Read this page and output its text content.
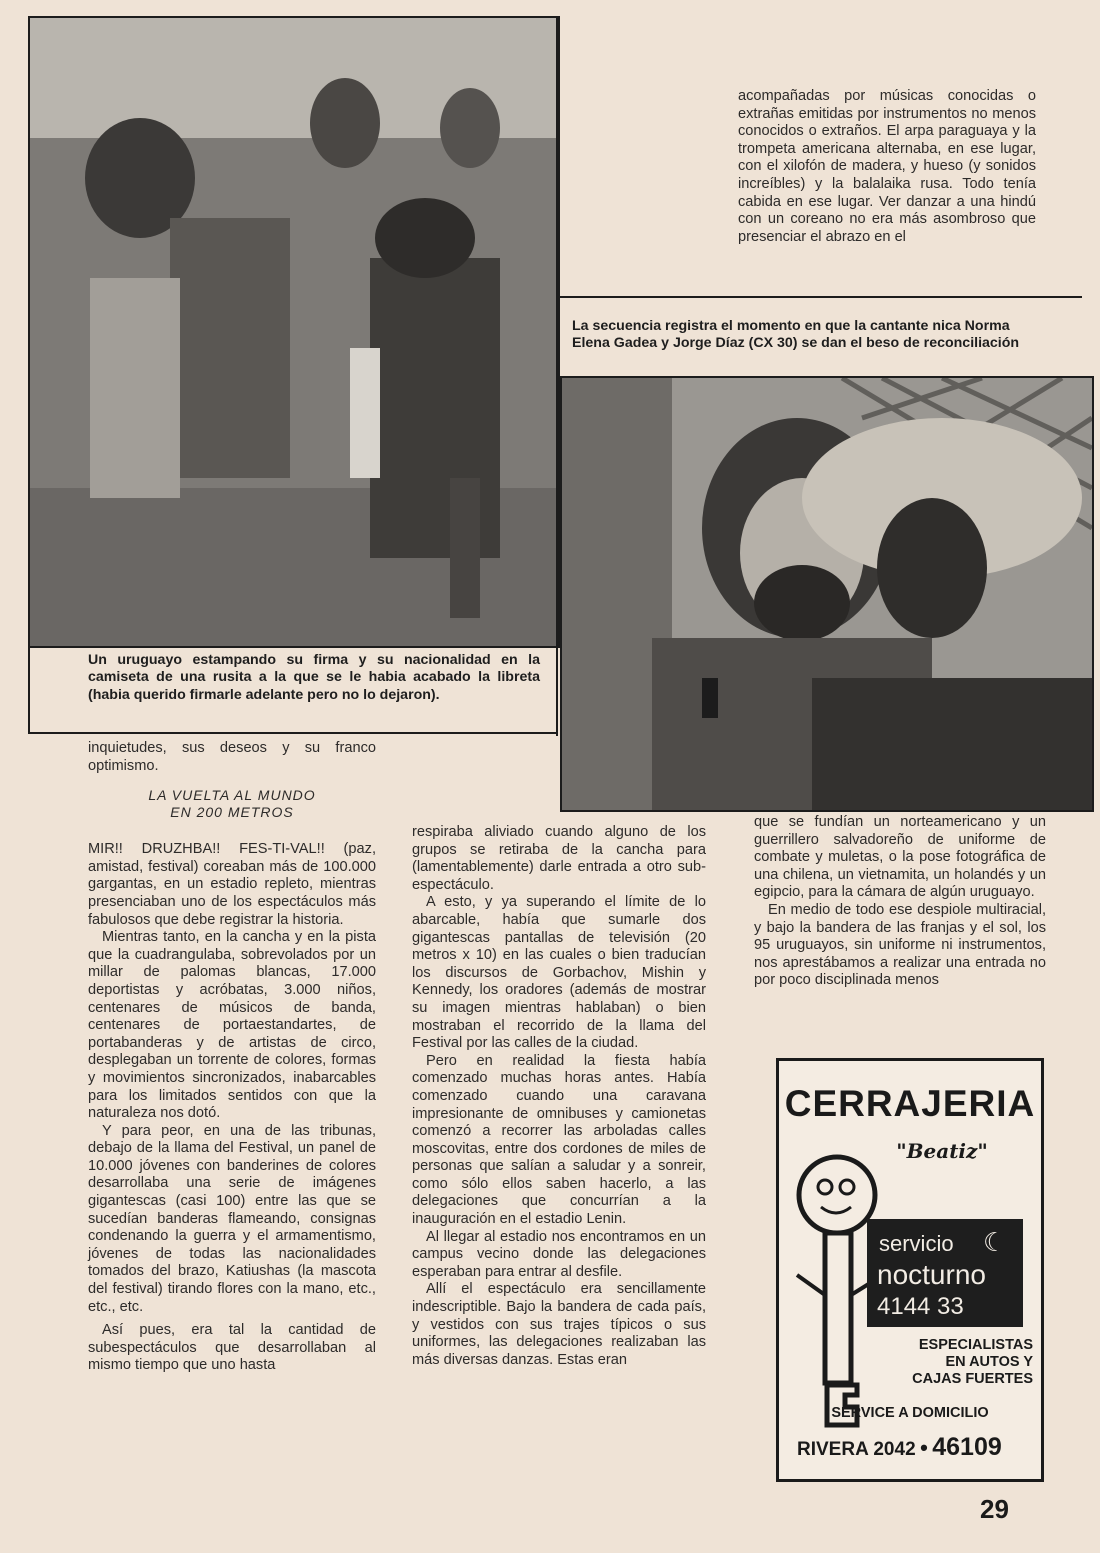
Un uruguayo estampando su firma y su nacionalidad en la camiseta de una rusita a la que se le habia acabado la libreta (habia querido firmarle adelante pero no lo dejaron).

acompañadas por músicas conocidas o extrañas emitidas por instrumentos no menos conocidos o extraños. El arpa paraguaya y la trompeta americana alternaba, en ese lugar, con el xilofón de madera, y hueso (y sonidos increíbles) y la balalaika rusa. Todo tenía cabida en ese lugar. Ver danzar a una hindú con un coreano no era más asombroso que presenciar el abrazo en el

La secuencia registra el momento en que la cantante nica Norma Elena Gadea y Jorge Díaz (CX 30) se dan el beso de reconciliación

inquietudes, sus deseos y su franco optimismo.

LA VUELTA AL MUNDO
EN 200 METROS

MIR!! DRUZHBA!! FES-TI-VAL!! (paz, amistad, festival) coreaban más de 100.000 gargantas, en un estadio repleto, mientras presenciaban uno de los espectáculos más fabulosos que debe registrar la historia.

Mientras tanto, en la cancha y en la pista que la cuadrangulaba, sobrevolados por un millar de palomas blancas, 17.000 deportistas y acróbatas, 3.000 niños, centenares de músicos de banda, centenares de portaestandartes, de portabanderas y de artistas de circo, desplegaban un torrente de colores, formas y movimientos sincronizados, inabarcables para los limitados sentidos con que la naturaleza nos dotó.

Y para peor, en una de las tribunas, debajo de la llama del Festival, un panel de 10.000 jóvenes con banderines de colores desarrollaba una serie de imágenes gigantescas (casi 100) entre las que se sucedían banderas flameando, consignas condenando la guerra y el armamentismo, jóvenes de todas las nacionalidades tomados del brazo, Katiushas (la mascota del festival) tirando flores con la mano, etc., etc., etc.

Así pues, era tal la cantidad de subespectáculos que desarrollaban al mismo tiempo que uno hasta

respiraba aliviado cuando alguno de los grupos se retiraba de la cancha para (lamentablemente) darle entrada a otro sub-espectáculo.

A esto, y ya superando el límite de lo abarcable, había que sumarle dos gigantescas pantallas de televisión (20 metros x 10) en las cuales o bien traducían los discursos de Gorbachov, Mishin y Kennedy, los oradores (además de mostrar su imagen mientras hablaban) o bien mostraban el recorrido de la llama del Festival por las calles de la ciudad.

Pero en realidad la fiesta había comenzado muchas horas antes. Había comenzado cuando una caravana impresionante de omnibuses y camionetas comenzó a recorrer las arboladas calles moscovitas, entre dos cordones de miles de personas que salían a saludar y a sonreir, como sólo ellos saben hacerlo, a las delegaciones que concurrían a la inauguración en el estadio Lenin.

Al llegar al estadio nos encontramos en un campus vecino donde las delegaciones esperaban para entrar al desfile.

Allí el espectáculo era sencillamente indescriptible. Bajo la bandera de cada país, y vestidos con sus trajes típicos o sus uniformes, las delegaciones realizaban las más diversas danzas. Estas eran

que se fundían un norteamericano y un guerrillero salvadoreño de uniforme de combate y muletas, o la pose fotográfica de una chilena, un vietnamita, un holandés y un egipcio, para la cámara de algún uruguayo.

En medio de todo ese despiole multiracial, y bajo la bandera de las franjas y el sol, los 95 uruguayos, sin uniforme ni instrumentos, nos aprestábamos a realizar una entrada no por poco disciplinada menos

CERRAJERIA
"Beatiz"
servicio ☾
nocturno
4144 33
ESPECIALISTAS
EN AUTOS Y
CAJAS FUERTES
SERVICE A DOMICILIO
RIVERA 2042 • 46109
29
